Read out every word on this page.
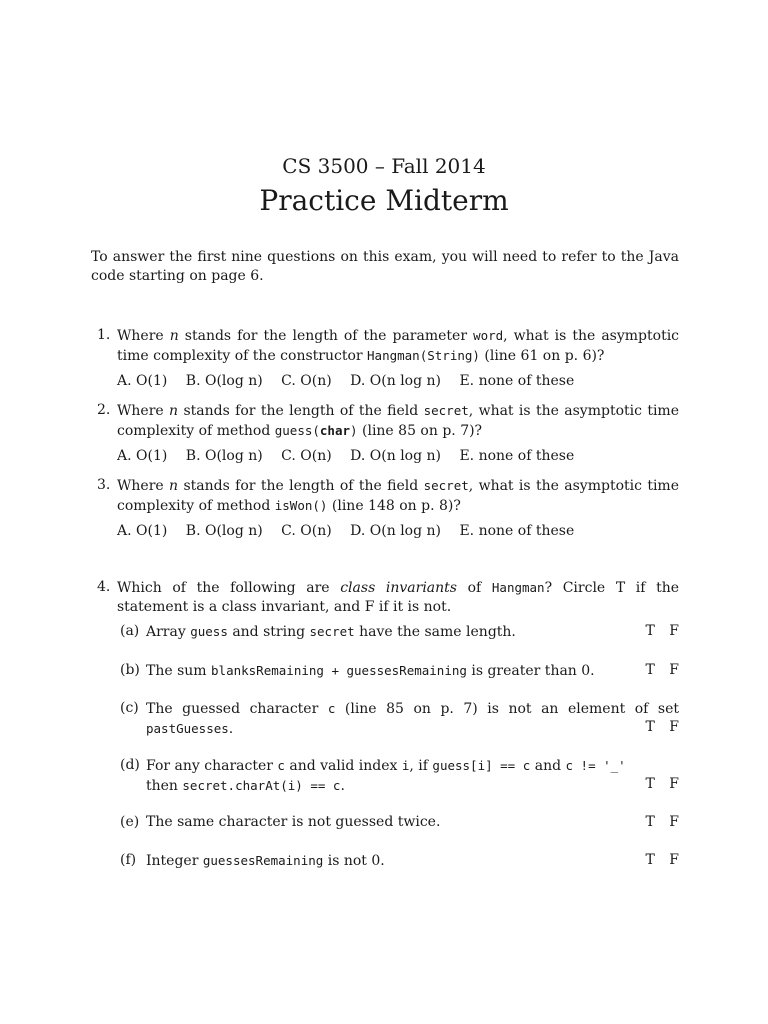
CS 3500 – Fall 2014
Practice Midterm
To answer the first nine questions on this exam, you will need to refer to the Java code starting on page 6.
1. Where n stands for the length of the parameter word, what is the asymptotic time complexity of the constructor Hangman(String) (line 61 on p. 6)?
A. O(1) B. O(log n) C. O(n) D. O(n log n) E. none of these
2. Where n stands for the length of the field secret, what is the asymptotic time complexity of method guess(char) (line 85 on p. 7)?
A. O(1) B. O(log n) C. O(n) D. O(n log n) E. none of these
3. Where n stands for the length of the field secret, what is the asymptotic time complexity of method isWon() (line 148 on p. 8)?
A. O(1) B. O(log n) C. O(n) D. O(n log n) E. none of these
4. Which of the following are class invariants of Hangman? Circle T if the statement is a class invariant, and F if it is not.
(a) Array guess and string secret have the same length.	T F
(b) The sum blanksRemaining + guessesRemaining is greater than 0.	T F
(c) The guessed character c (line 85 on p. 7) is not an element of set pastGuesses.	T F
(d) For any character c and valid index i, if guess[i] == c and c != '_' then secret.charAt(i) == c.	T F
(e) The same character is not guessed twice.	T F
(f) Integer guessesRemaining is not 0.	T F
